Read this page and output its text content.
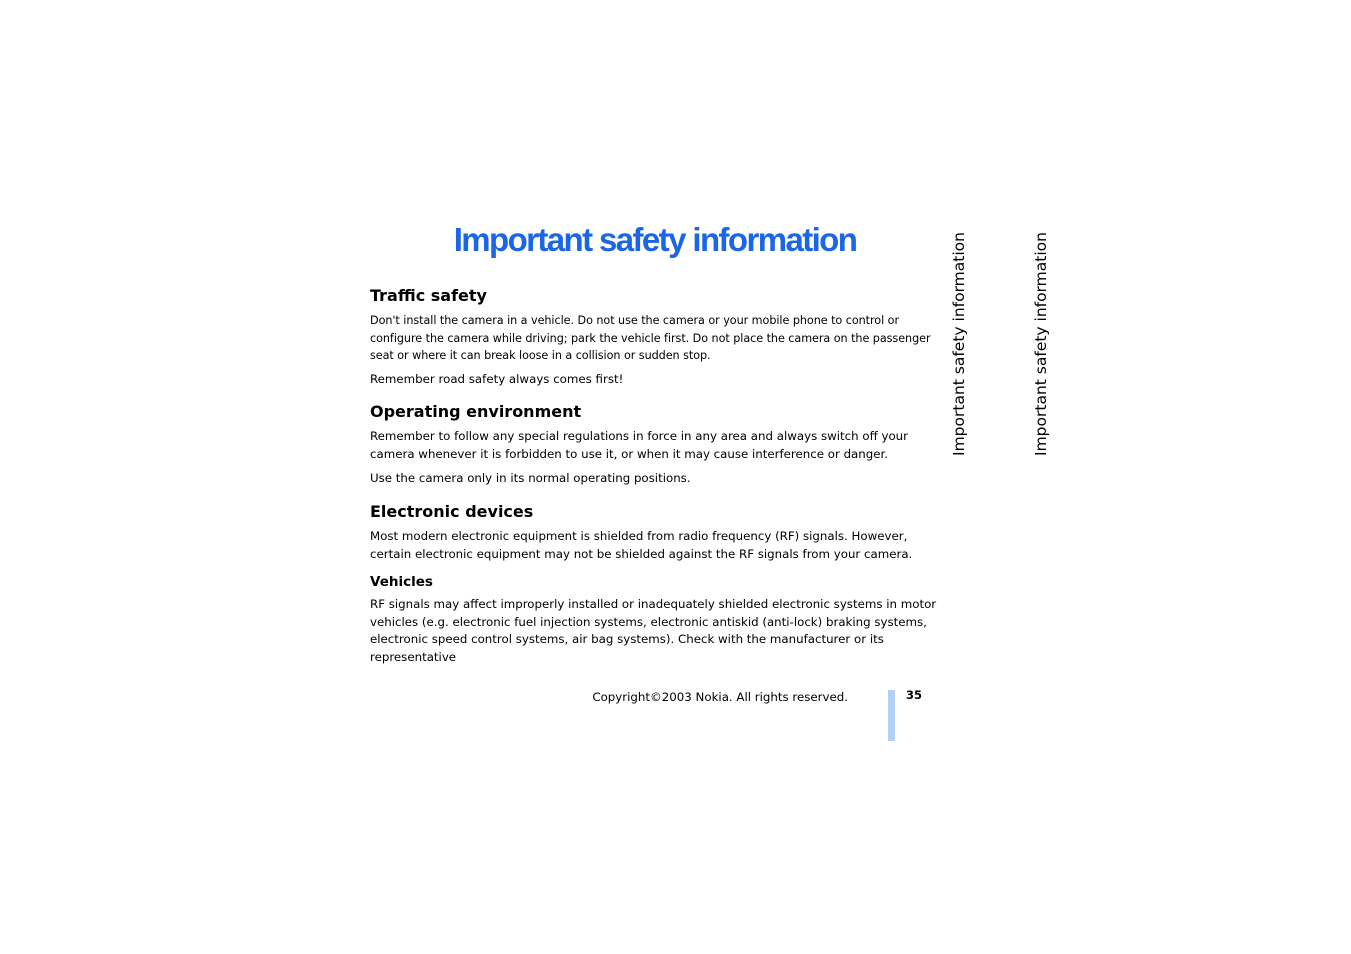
Important safety information
Traffic safety

Don't install the camera in a vehicle. Do not use the camera or your mobile phone to control or configure the camera while driving; park the vehicle first. Do not place the camera on the passenger seat or where it can break loose in a collision or sudden stop.

Remember road safety always comes first!

Operating environment

Remember to follow any special regulations in force in any area and always switch off your camera whenever it is forbidden to use it, or when it may cause interference or danger.

Use the camera only in its normal operating positions.

Electronic devices

Most modern electronic equipment is shielded from radio frequency (RF) signals. However, certain electronic equipment may not be shielded against the RF signals from your camera.

Vehicles

RF signals may affect improperly installed or inadequately shielded electronic systems in motor vehicles (e.g. electronic fuel injection systems, electronic antiskid (anti-lock) braking systems, electronic speed control systems, air bag systems). Check with the manufacturer or its representative

Important safety information	Important safety information
Copyright©2003 Nokia. All rights reserved.	35
